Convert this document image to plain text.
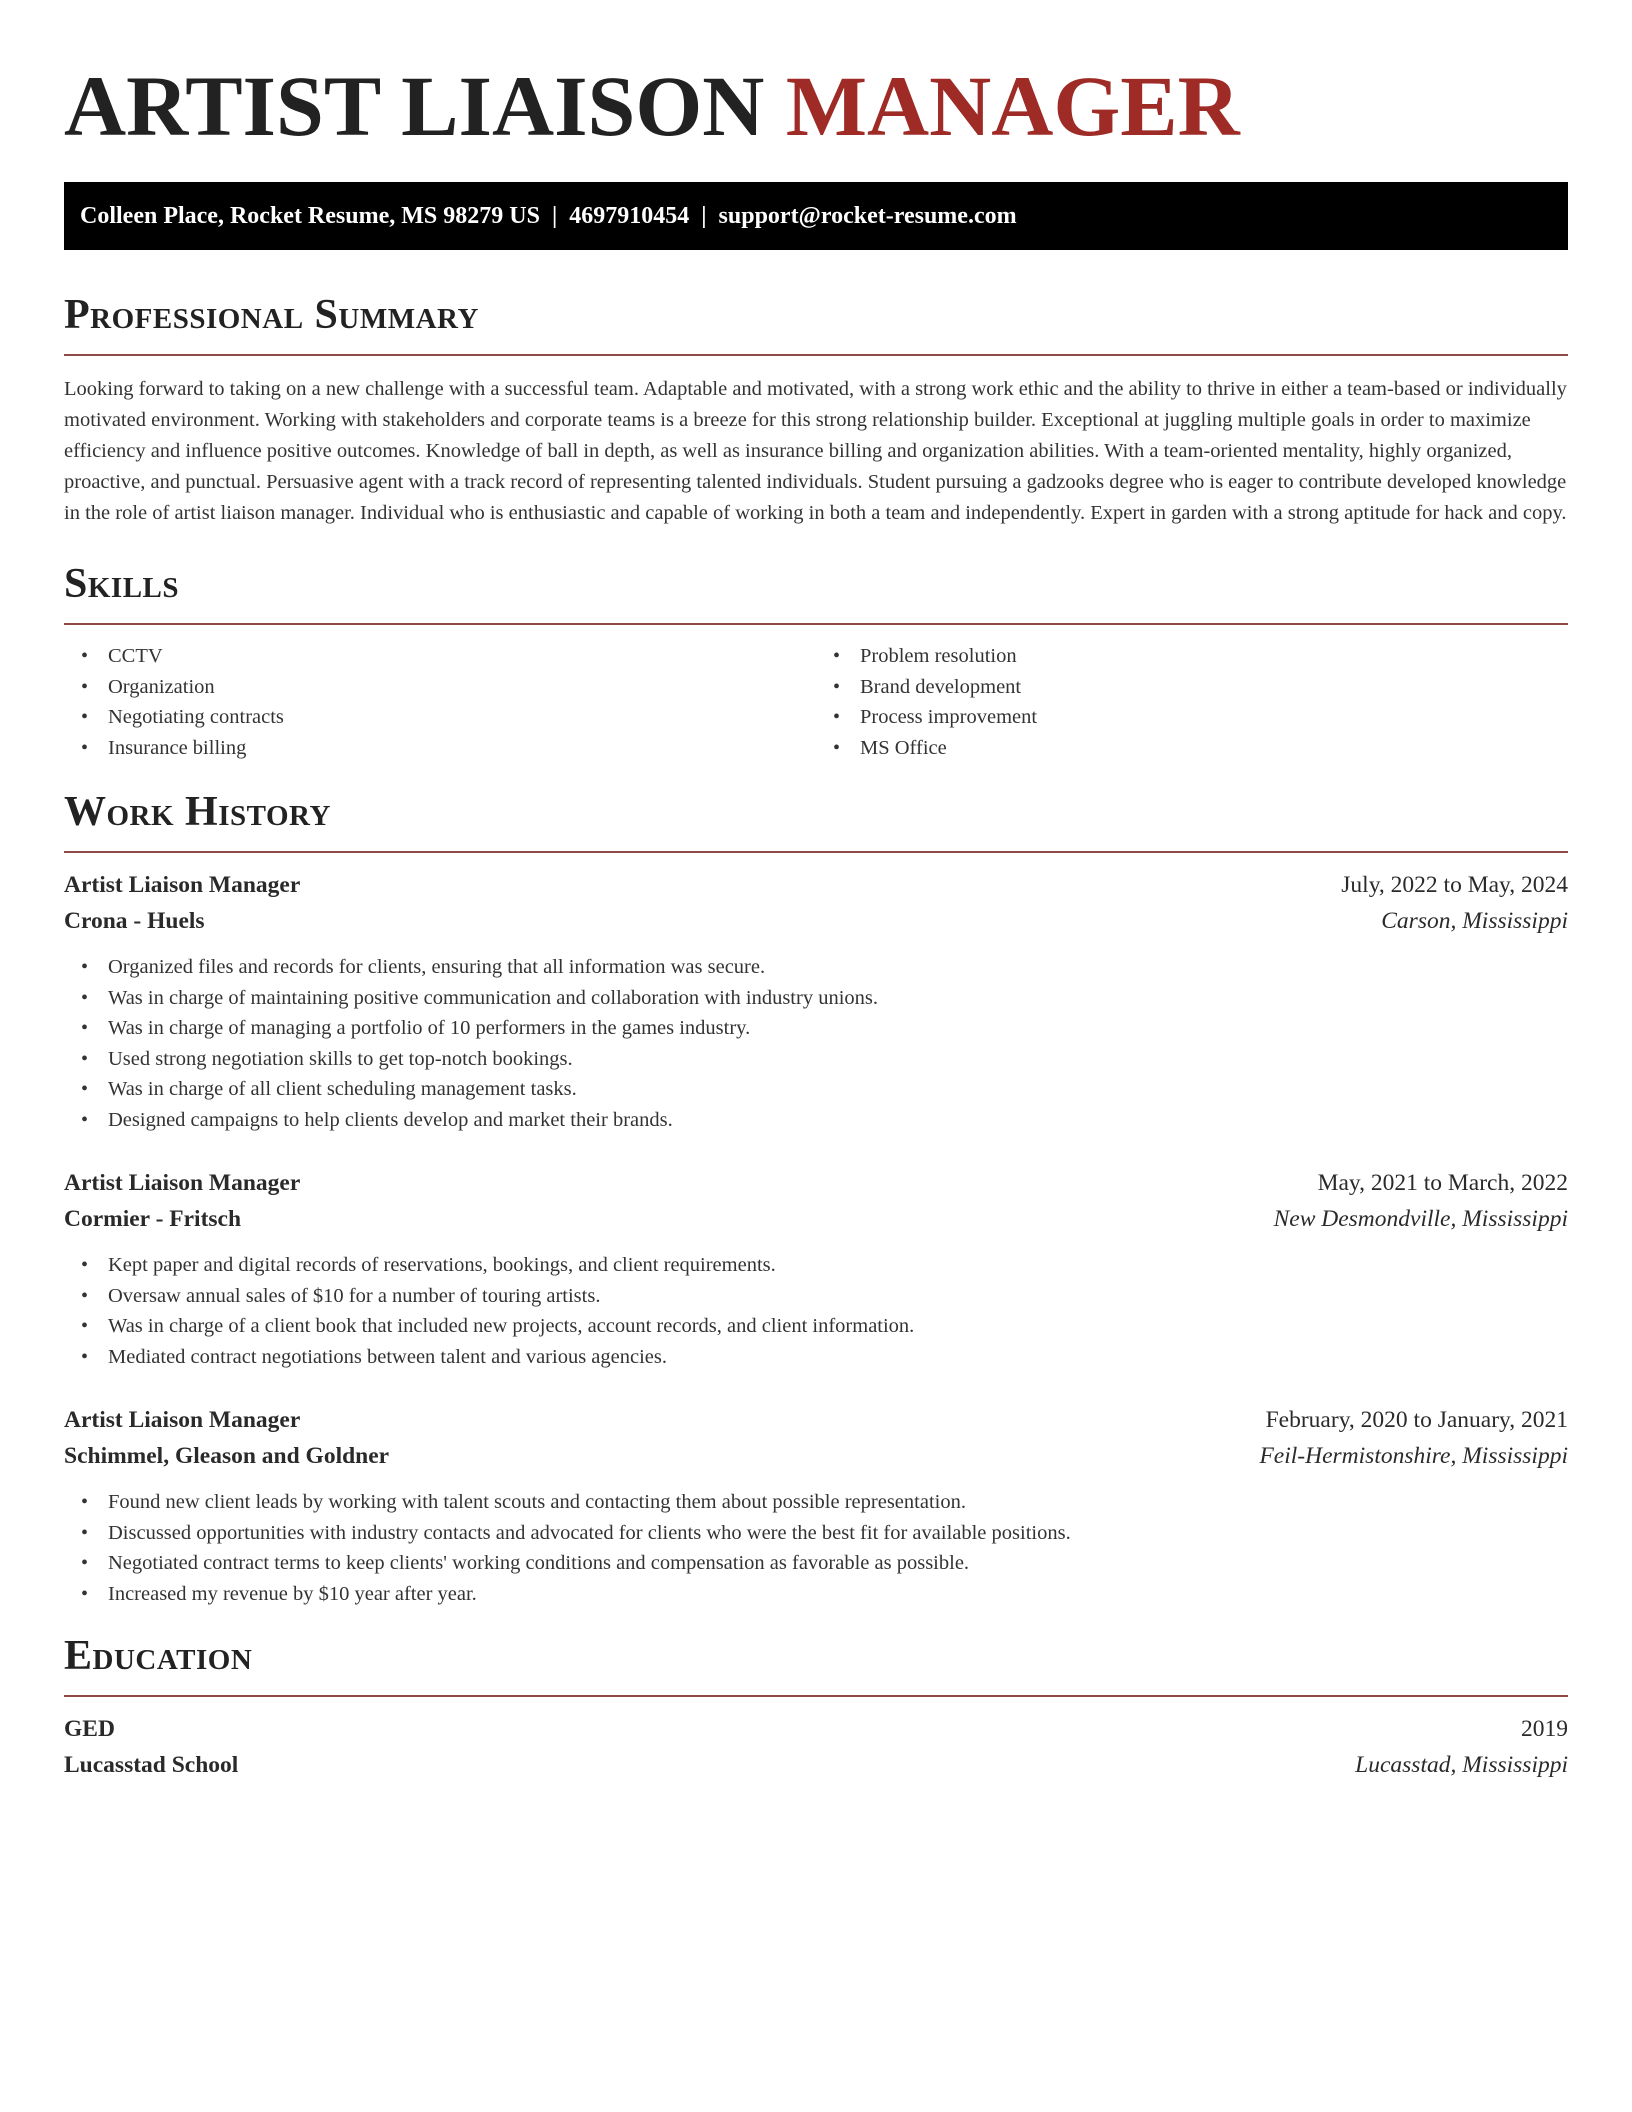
ARTIST LIAISON MANAGER
Colleen Place, Rocket Resume, MS 98279 US | 4697910454 | support@rocket-resume.com
Professional Summary

Looking forward to taking on a new challenge with a successful team. Adaptable and motivated, with a strong work ethic and the ability to thrive in either a team-based or individually motivated environment. Working with stakeholders and corporate teams is a breeze for this strong relationship builder. Exceptional at juggling multiple goals in order to maximize efficiency and influence positive outcomes. Knowledge of ball in depth, as well as insurance billing and organization abilities. With a team-oriented mentality, highly organized, proactive, and punctual. Persuasive agent with a track record of representing talented individuals. Student pursuing a gadzooks degree who is eager to contribute developed knowledge in the role of artist liaison manager. Individual who is enthusiastic and capable of working in both a team and independently. Expert in garden with a strong aptitude for hack and copy.

Skills
• CCTV
• Organization
• Negotiating contracts
• Insurance billing
• Problem resolution
• Brand development
• Process improvement
• MS Office
Work History
Artist Liaison Manager	July, 2022 to May, 2024
Crona - Huels	Carson, Mississippi
• Organized files and records for clients, ensuring that all information was secure.
• Was in charge of maintaining positive communication and collaboration with industry unions.
• Was in charge of managing a portfolio of 10 performers in the games industry.
• Used strong negotiation skills to get top-notch bookings.
• Was in charge of all client scheduling management tasks.
• Designed campaigns to help clients develop and market their brands.
Artist Liaison Manager	May, 2021 to March, 2022
Cormier - Fritsch	New Desmondville, Mississippi
• Kept paper and digital records of reservations, bookings, and client requirements.
• Oversaw annual sales of $10 for a number of touring artists.
• Was in charge of a client book that included new projects, account records, and client information.
• Mediated contract negotiations between talent and various agencies.
Artist Liaison Manager	February, 2020 to January, 2021
Schimmel, Gleason and Goldner	Feil-Hermistonshire, Mississippi
• Found new client leads by working with talent scouts and contacting them about possible representation.
• Discussed opportunities with industry contacts and advocated for clients who were the best fit for available positions.
• Negotiated contract terms to keep clients' working conditions and compensation as favorable as possible.
• Increased my revenue by $10 year after year.
Education
GED	2019
Lucasstad School	Lucasstad, Mississippi
